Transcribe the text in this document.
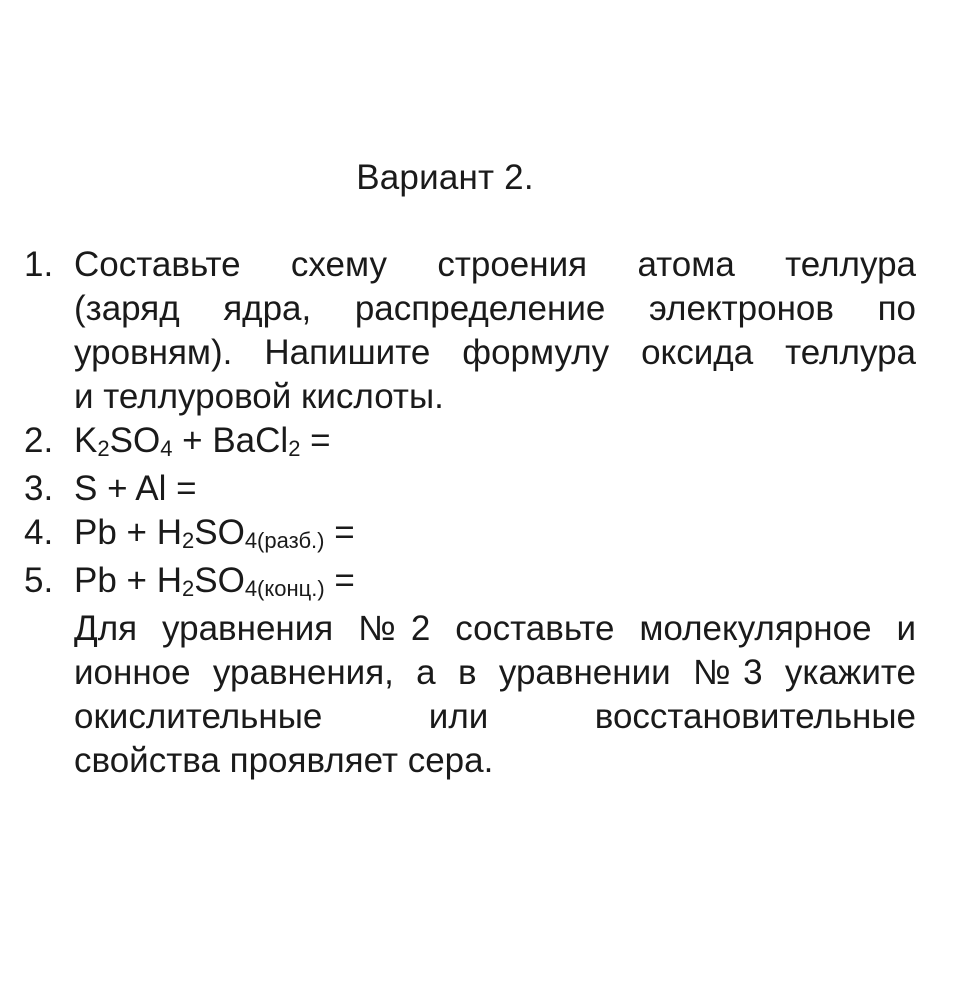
Вариант 2.
1. Составьте схему строения атома теллура
(заряд ядра, распределение электронов по
уровням). Напишите формулу оксида теллура
и теллуровой кислоты.
2. $K_2SO_4$ + BaCl$_2$ =
3. S + Al =
4. $Pb + H_2SO_{4(разб.)}$ =
5. $Pb + H_2SO_{4(конц.)}$ =
Для уравнения №2 составьте молекулярное и
ионное уравнения, а в уравнении №3 укажите
окислительные или восстановительные
свойства проявляет сера.
